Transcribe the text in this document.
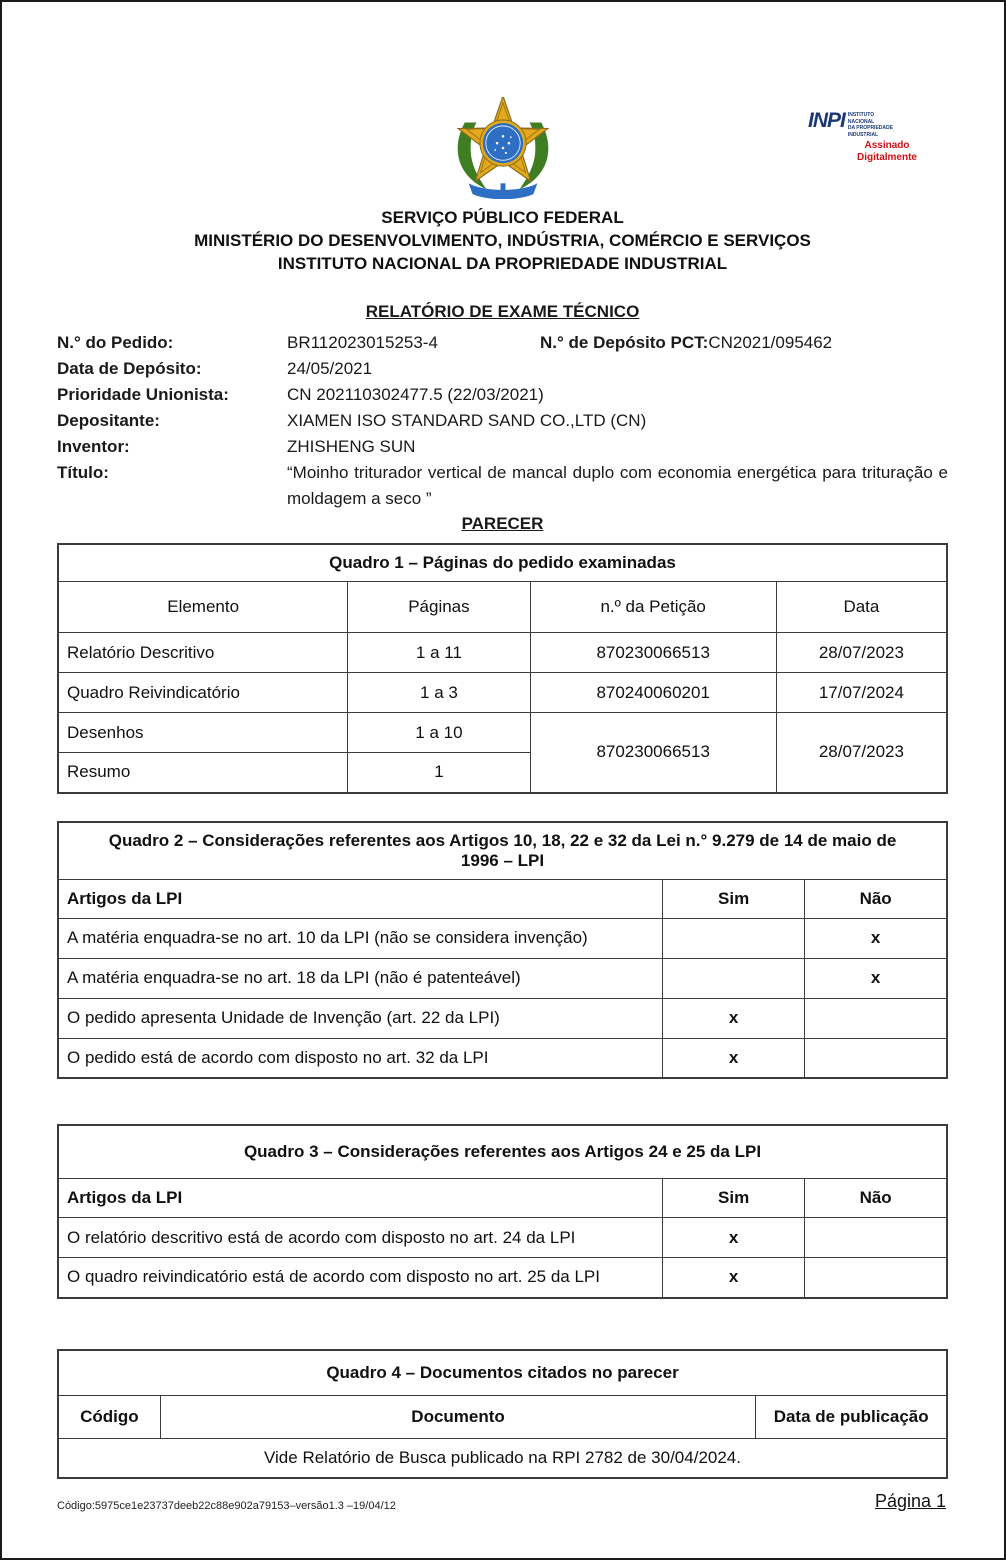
INPI INSTITUTO
NACIONAL
DA PROPRIEDADE
INDUSTRIAL
Assinado
Digitalmente
SERVIÇO PÚBLICO FEDERAL
MINISTÉRIO DO DESENVOLVIMENTO, INDÚSTRIA, COMÉRCIO E SERVIÇOS
INSTITUTO NACIONAL DA PROPRIEDADE INDUSTRIAL
RELATÓRIO DE EXAME TÉCNICO
N.° do Pedido:	BR112023015253-4	N.° de Depósito PCT: CN2021/095462
Data de Depósito:	24/05/2021
Prioridade Unionista:	CN 202110302477.5 (22/03/2021)
Depositante:	XIAMEN ISO STANDARD SAND CO.,LTD (CN)
Inventor:	ZHISHENG SUN
Título:	“Moinho triturador vertical de mancal duplo com economia energética para trituração e moldagem a seco ”
PARECER
Quadro 1 – Páginas do pedido examinadas			
Elemento	Páginas	n.º da Petição	Data
Relatório Descritivo	1 a 11	870230066513	28/07/2023
Quadro Reivindicatório	1 a 3	870240060201	17/07/2024
Desenhos	1 a 10	870230066513	28/07/2023
Resumo	1		
Quadro 2 – Considerações referentes aos Artigos 10, 18, 22 e 32 da Lei n.° 9.279 de 14 de maio de 1996 – LPI		
Artigos da LPI	Sim	Não
A matéria enquadra-se no art. 10 da LPI (não se considera invenção)		x
A matéria enquadra-se no art. 18 da LPI (não é patenteável)		x
O pedido apresenta Unidade de Invenção (art. 22 da LPI)	x	
O pedido está de acordo com disposto no art. 32 da LPI	x	
Quadro 3 – Considerações referentes aos Artigos 24 e 25 da LPI		
Artigos da LPI	Sim	Não
O relatório descritivo está de acordo com disposto no art. 24 da LPI	x	
O quadro reivindicatório está de acordo com disposto no art. 25 da LPI	x	
Quadro 4 – Documentos citados no parecer
Código	Documento	Data de publicação
Vide Relatório de Busca publicado na RPI 2782 de 30/04/2024.
Código:5975ce1e23737deeb22c88e902a79153–versão1.3 –19/04/12	Página 1
